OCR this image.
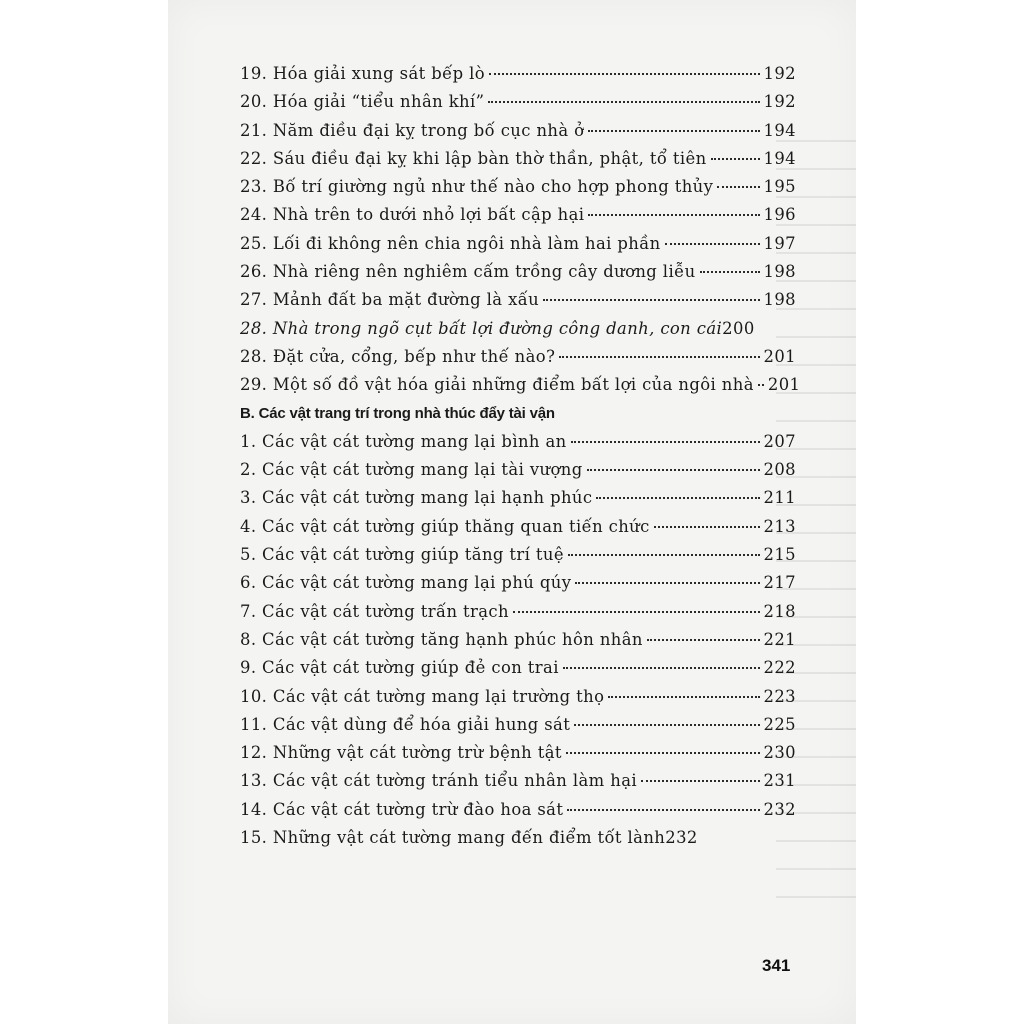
19. Hóa giải xung sát bếp lò	192
20. Hóa giải “tiểu nhân khí”	192
21. Năm điều đại kỵ trong bố cục nhà ở	194
22. Sáu điều đại kỵ khi lập bàn thờ thần, phật, tổ tiên	194
23. Bố trí giường ngủ như thế nào cho hợp phong thủy	195
24. Nhà trên to dưới nhỏ lợi bất cập hại	196
25. Lối đi không nên chia ngôi nhà làm hai phần	197
26. Nhà riêng nên nghiêm cấm trồng cây dương liễu	198
27. Mảnh đất ba mặt đường là xấu	198
28. Nhà trong ngõ cụt bất lợi đường công danh, con cái 200
28. Đặt cửa, cổng, bếp như thế nào?	201
29. Một số đồ vật hóa giải những điểm bất lợi của ngôi nhà 201
B. Các vật trang trí trong nhà thúc đẩy tài vận
1. Các vật cát tường mang lại bình an	207
2. Các vật cát tường mang lại tài vượng	208
3. Các vật cát tường mang lại hạnh phúc	211
4. Các vật cát tường giúp thăng quan tiến chức	213
5. Các vật cát tường giúp tăng trí tuệ	215
6. Các vật cát tường mang lại phú qúy	217
7. Các vật cát tường trấn trạch	218
8. Các vật cát tường tăng hạnh phúc hôn nhân	221
9. Các vật cát tường giúp đẻ con trai	222
10. Các vật cát tường mang lại trường thọ	223
11. Các vật dùng để hóa giải hung sát	225
12. Những vật cát tường trừ bệnh tật	230
13. Các vật cát tường tránh tiểu nhân làm hại	231
14. Các vật cát tường trừ đào hoa sát	232
15. Những vật cát tường mang đến điểm tốt lành 232
341
